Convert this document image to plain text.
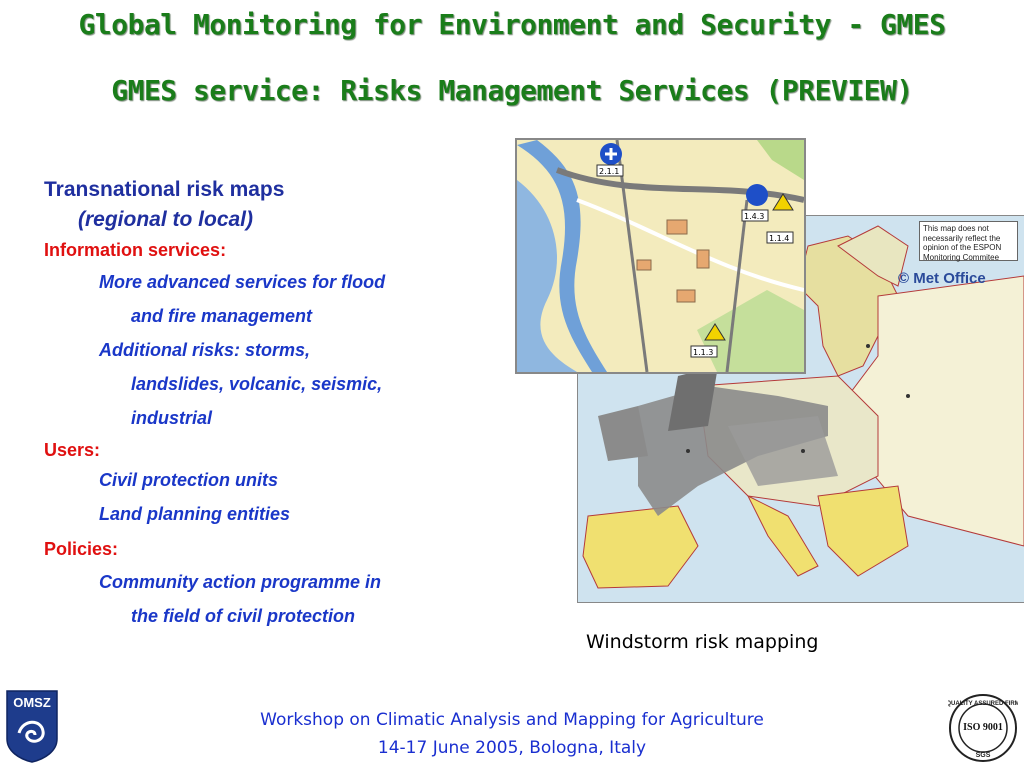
Global Monitoring for Environment and Security - GMES
GMES service: Risks Management Services (PREVIEW)
Transnational risk maps
(regional to local)
Information services:
More advanced services for flood
and fire management
Additional risks: storms,
landslides, volcanic, seismic,
industrial
Users:
Civil protection units
Land planning entities
Policies:
Community action programme in
the field of civil protection
This map does not necessarily reflect the opinion of the ESPON Monitoring Commitee
© Met Office
2.1.1
1.4.3
1.1.4
1.1.3
Windstorm risk mapping
Workshop on Climatic Analysis and Mapping for Agriculture
14-17 June 2005, Bologna, Italy
OMSZ	QUALITY ASSURED FIRM
ISO 9001
SGS
